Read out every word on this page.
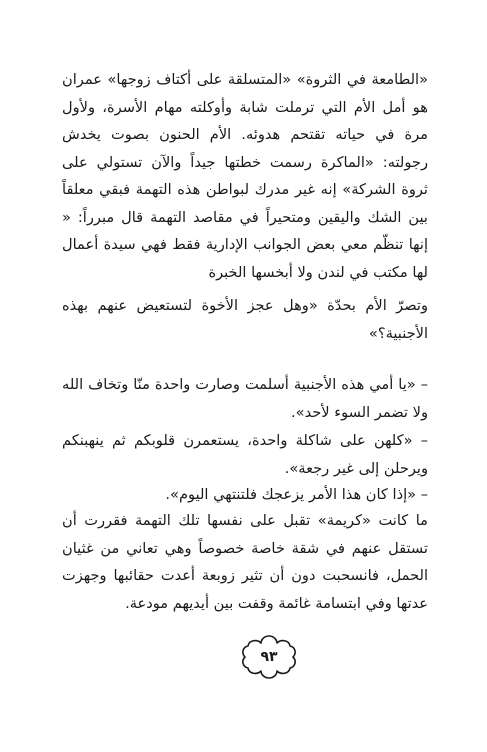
«الطامعة في الثروة» «المتسلقة على أكتاف زوجها» عمران هو أمل الأم التي ترملت شابة وأوكلته مهام الأسرة، ولأول مرة في حياته تقتحم هدوئه. الأم الحنون بصوت يخدش رجولته: «الماكرة رسمت خطتها جيداً والآن تستولي على ثروة الشركة» إنه غير مدرك لبواطن هذه التهمة فبقي معلقاً بين الشك واليقين ومتحيراً في مقاصد التهمة قال مبرراً: « إنها تنظّم معي بعض الجوانب الإدارية فقط فهي سيدة أعمال لها مكتب في لندن ولا أبخسها الخبرة

وتصرّ الأم بحدّة «وهل عجز الأخوة لتستعيض عنهم بهذه الأجنبية؟»

– «يا أمي هذه الأجنبية أسلمت وصارت واحدة منّا وتخاف الله ولا تضمر السوء لأحد».

– «كلهن على شاكلة واحدة، يستعمرن قلوبكم ثم ينهبنكم ويرحلن إلى غير رجعة».

– «إذا كان هذا الأمر يزعجك فلتنتهي اليوم».

ما كانت «كريمة» تقبل على نفسها تلك التهمة فقررت أن تستقل عنهم في شقة خاصة خصوصاً وهي تعاني من غثيان الحمل، فانسحبت دون أن تثير زوبعة أعدت حقائبها وجهزت عدتها وفي ابتسامة غائمة وقفت بين أيديهم مودعة.

٩٣
